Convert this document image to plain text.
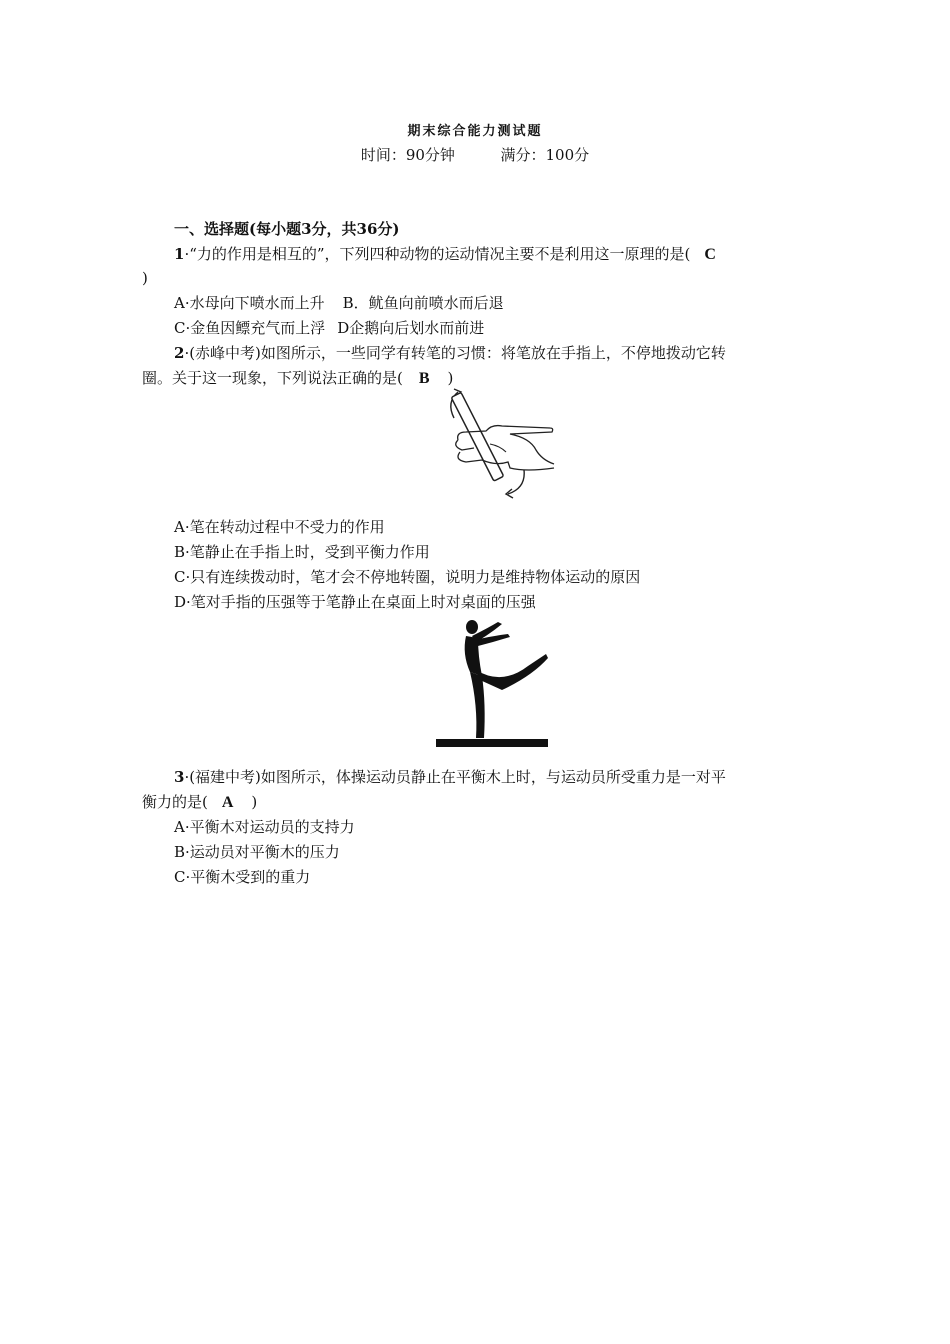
期末综合能力测试题
时间：90分钟	满分：100分
一、选择题(每小题3分，共36分)
1·“力的作用是相互的”，下列四种动物的运动情况主要不是利用这一原理的是( C
)
A·水母向下喷水而上升 B．鱿鱼向前喷水而后退
C·金鱼因鳔充气而上浮 D企鹅向后划水而前进
2·(赤峰中考)如图所示，一些同学有转笔的习惯：将笔放在手指上，不停地拨动它转
圈。关于这一现象，下列说法正确的是( B )
A·笔在转动过程中不受力的作用
B·笔静止在手指上时，受到平衡力作用
C·只有连续拨动时，笔才会不停地转圈，说明力是维持物体运动的原因
D·笔对手指的压强等于笔静止在桌面上时对桌面的压强
3·(福建中考)如图所示，体操运动员静止在平衡木上时，与运动员所受重力是一对平
衡力的是( A )
A·平衡木对运动员的支持力
B·运动员对平衡木的压力
C·平衡木受到的重力
